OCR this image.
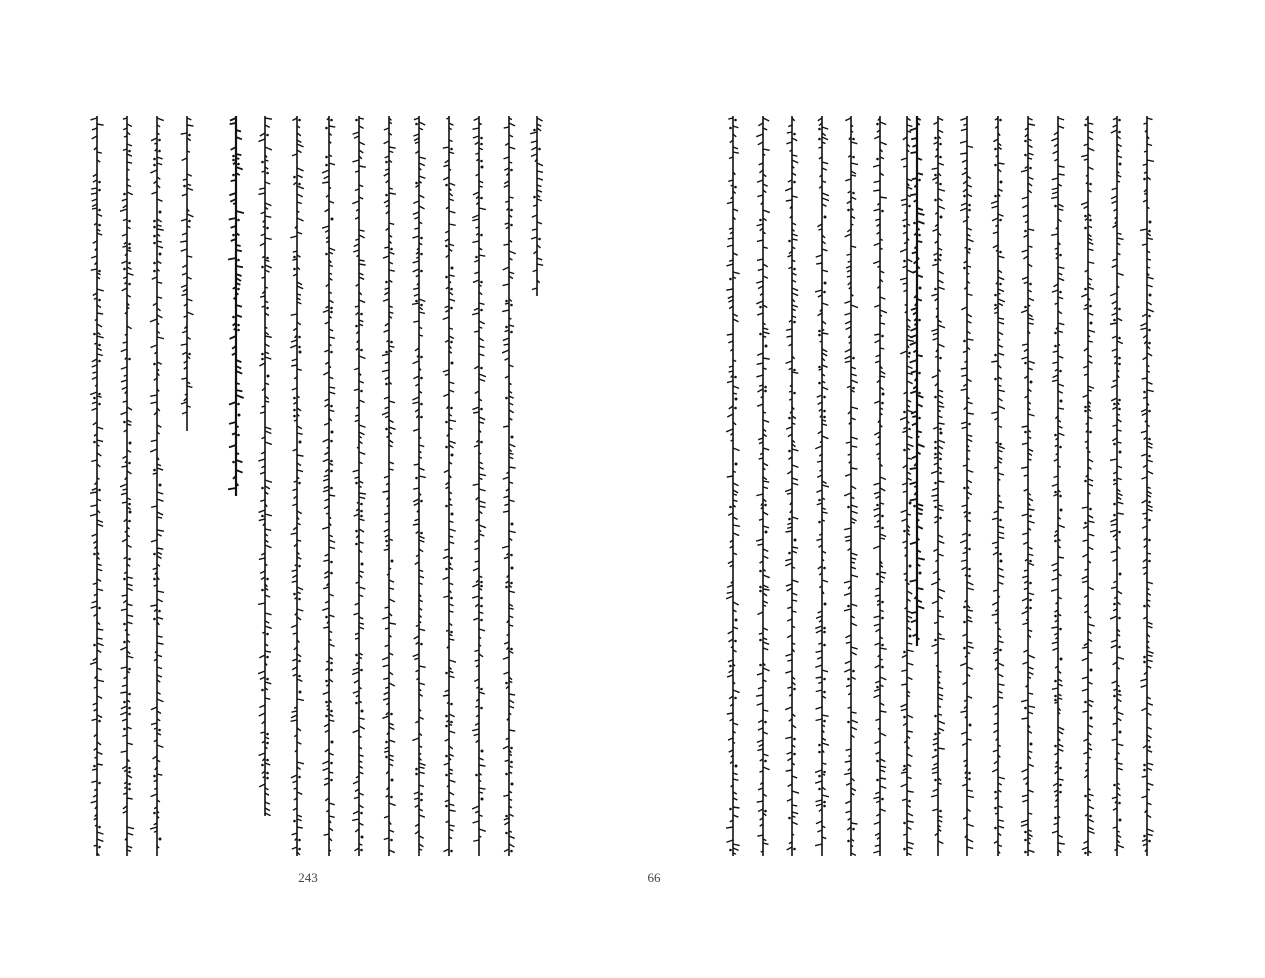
243	66
